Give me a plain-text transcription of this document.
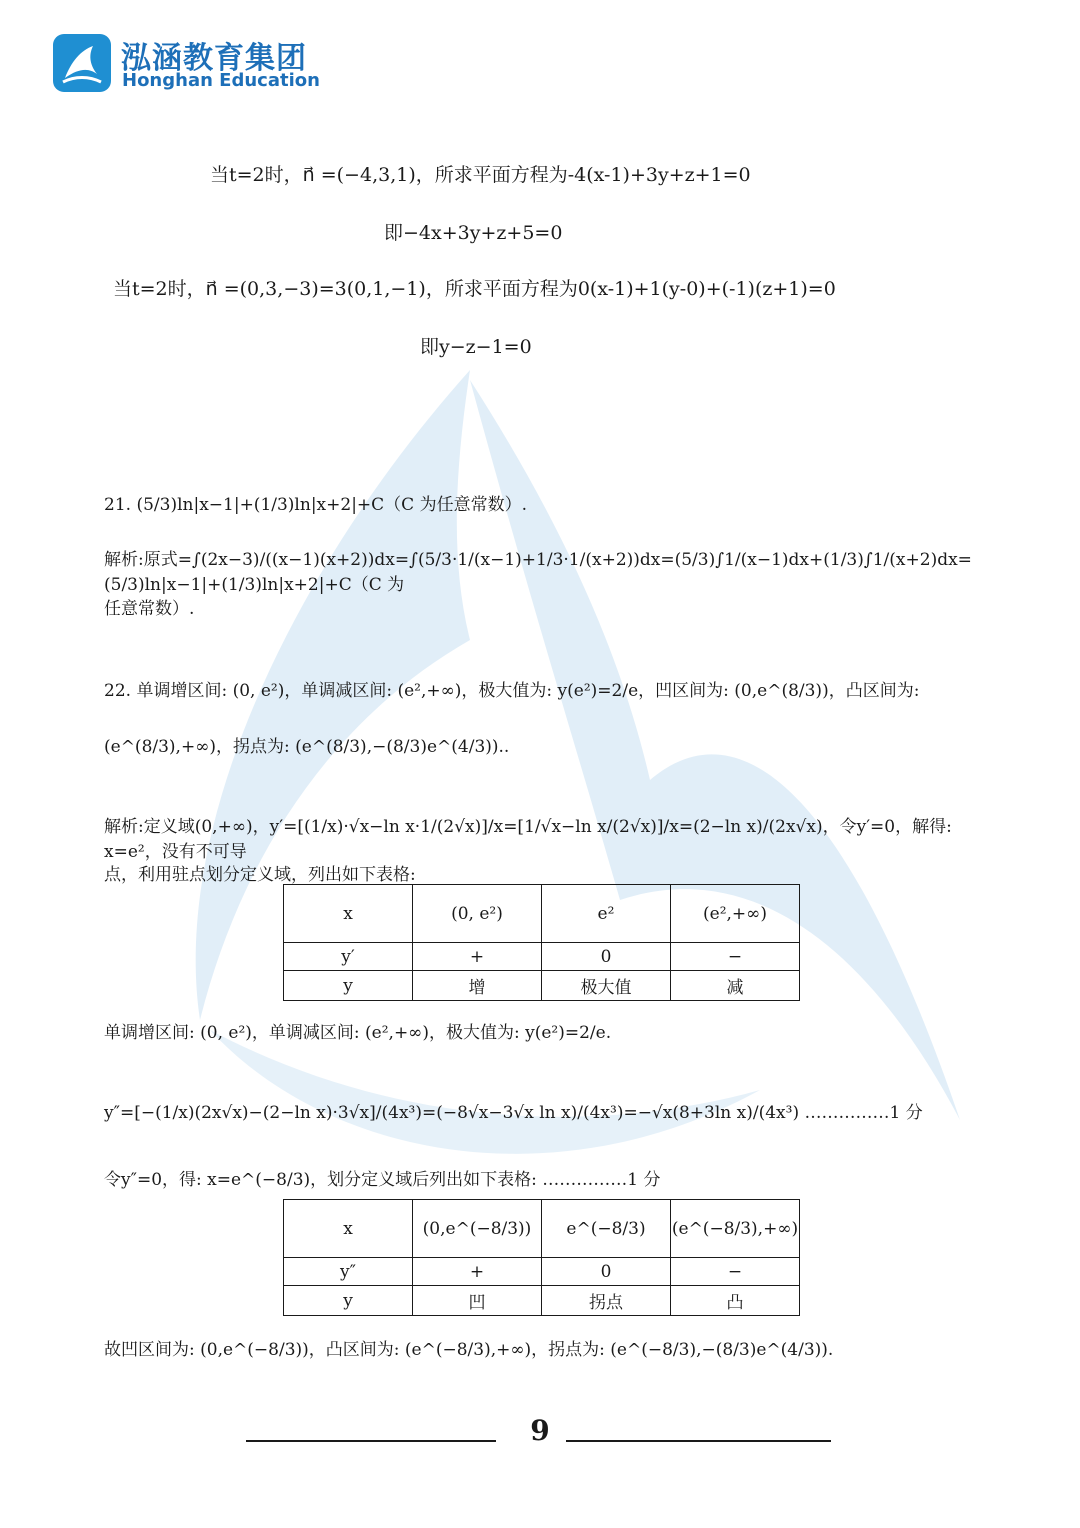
泓涵教育集团
Honghan Education
当t=2时，n⃗ =(−4,3,1)，所求平面方程为-4(x-1)+3y+z+1=0
即−4x+3y+z+5=0
当t=2时，n⃗ =(0,3,−3)=3(0,1,−1)，所求平面方程为0(x-1)+1(y-0)+(-1)(z+1)=0
即y−z−1=0
21. (5/3)ln|x−1|+(1/3)ln|x+2|+C（C 为任意常数）.
解析:原式=∫(2x−3)/((x−1)(x+2))dx=∫(5/3·1/(x−1)+1/3·1/(x+2))dx=(5/3)∫1/(x−1)dx+(1/3)∫1/(x+2)dx=(5/3)ln|x−1|+(1/3)ln|x+2|+C（C 为
任意常数）.
22. 单调增区间: (0, e²)，单调减区间: (e²,+∞)，极大值为: y(e²)=2/e，凹区间为: (0,e^(8/3))，凸区间为:
(e^(8/3),+∞)，拐点为: (e^(8/3),−(8/3)e^(4/3))..
解析:定义域(0,+∞)，y′=[(1/x)·√x−ln x·1/(2√x)]/x=[1/√x−ln x/(2√x)]/x=(2−ln x)/(2x√x)，令y′=0，解得: x=e²，没有不可导
点，利用驻点划分定义域，列出如下表格:
x	(0, e²)	e²	(e²,+∞)
y′	+	0	−
y	增	极大值	减
单调增区间: (0, e²)，单调减区间: (e²,+∞)，极大值为: y(e²)=2/e.
y″=[−(1/x)(2x√x)−(2−ln x)·3√x]/(4x³)=(−8√x−3√x ln x)/(4x³)=−√x(8+3ln x)/(4x³) ……………1 分
令y″=0，得: x=e^(−8/3)，划分定义域后列出如下表格: ……………1 分
x	(0,e^(−8/3))	e^(−8/3)	(e^(−8/3),+∞)
y″	+	0	−
y	凹	拐点	凸
故凹区间为: (0,e^(−8/3))，凸区间为: (e^(−8/3),+∞)，拐点为: (e^(−8/3),−(8/3)e^(4/3)).
9
